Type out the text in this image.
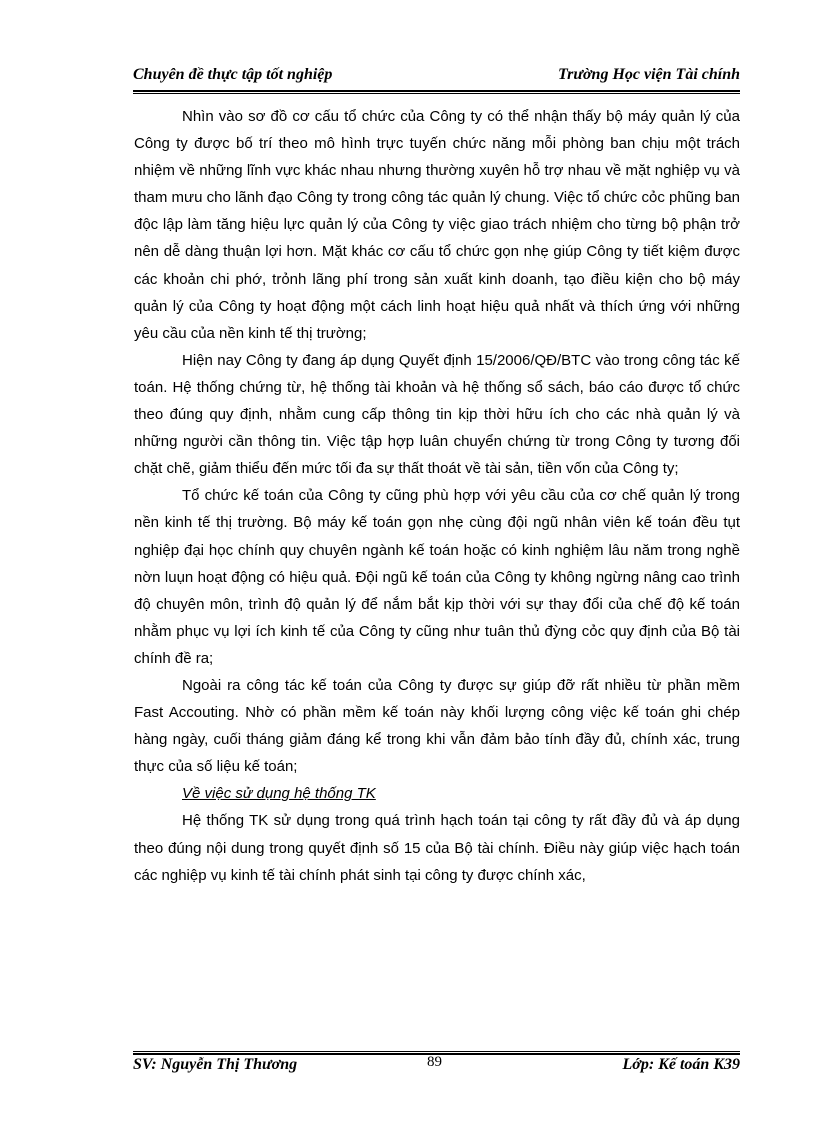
Chuyên đề thực tập tốt nghiệp	Trường Học viện Tài chính

Nhìn vào sơ đồ cơ cấu tổ chức của Công ty có thể nhận thấy bộ máy quản lý của Công ty được bố trí theo mô hình trực tuyến chức năng mỗi phòng ban chịu một trách nhiệm về những lĩnh vực khác nhau nhưng thường xuyên hỗ trợ nhau về mặt nghiệp vụ và tham mưu cho lãnh đạo Công ty trong công tác quản lý chung. Việc tổ chức cỏc phũng ban độc lập làm tăng hiệu lực quản lý của Công ty việc giao trách nhiệm cho từng bộ phận trở nên dễ dàng thuận lợi hơn. Mặt khác cơ cấu tổ chức gọn nhẹ giúp Công ty tiết kiệm được các khoản chi phớ, trỏnh lãng phí trong sản xuất kinh doanh, tạo điều kiện cho bộ máy quản lý của Công ty hoạt động một cách linh hoạt hiệu quả nhất và thích ứng với những yêu cầu của nền kinh tế thị trường;

Hiện nay Công ty đang áp dụng Quyết định 15/2006/QĐ/BTC vào trong công tác kế toán. Hệ thống chứng từ, hệ thống tài khoản và hệ thống sổ sách, báo cáo được tổ chức theo đúng quy định, nhằm cung cấp thông tin kịp thời hữu ích cho các nhà quản lý và những người cần thông tin. Việc tập hợp luân chuyển chứng từ trong Công ty tương đối chặt chẽ, giảm thiểu đến mức tối đa sự thất thoát về tài sản, tiền vốn của Công ty;

Tổ chức kế toán của Công ty cũng phù hợp với yêu cầu của cơ chế quản lý trong nền kinh tế thị trường. Bộ máy kế toán gọn nhẹ cùng đội ngũ nhân viên kế toán đều tụt nghiệp đại học chính quy chuyên ngành kế toán hoặc có kinh nghiệm lâu năm trong nghề nờn luụn hoạt động có hiệu quả. Đội ngũ kế toán của Công ty không ngừng nâng cao trình độ chuyên môn, trình độ quản lý để nắm bắt kịp thời với sự thay đổi của chế độ kế toán nhằm phục vụ lợi ích kinh tế của Công ty cũng như tuân thủ đỳng cỏc quy định của Bộ tài chính đề ra;

Ngoài ra công tác kế toán của Công ty được sự giúp đỡ rất nhiều từ phần mềm Fast Accouting. Nhờ có phần mềm kế toán này khối lượng công việc kế toán ghi chép hàng ngày, cuối tháng giảm đáng kể trong khi vẫn đảm bảo tính đầy đủ, chính xác, trung thực của số liệu kế toán;

Về việc sử dụng hệ thống TK

Hệ thống TK sử dụng trong quá trình hạch toán tại công ty rất đầy đủ và áp dụng theo đúng nội dung trong quyết định số 15 của Bộ tài chính. Điều này giúp việc hạch toán các nghiệp vụ kinh tế tài chính phát sinh tại công ty được chính xác,

SV: Nguyễn Thị Thương	89	Lớp: Kế toán K39
